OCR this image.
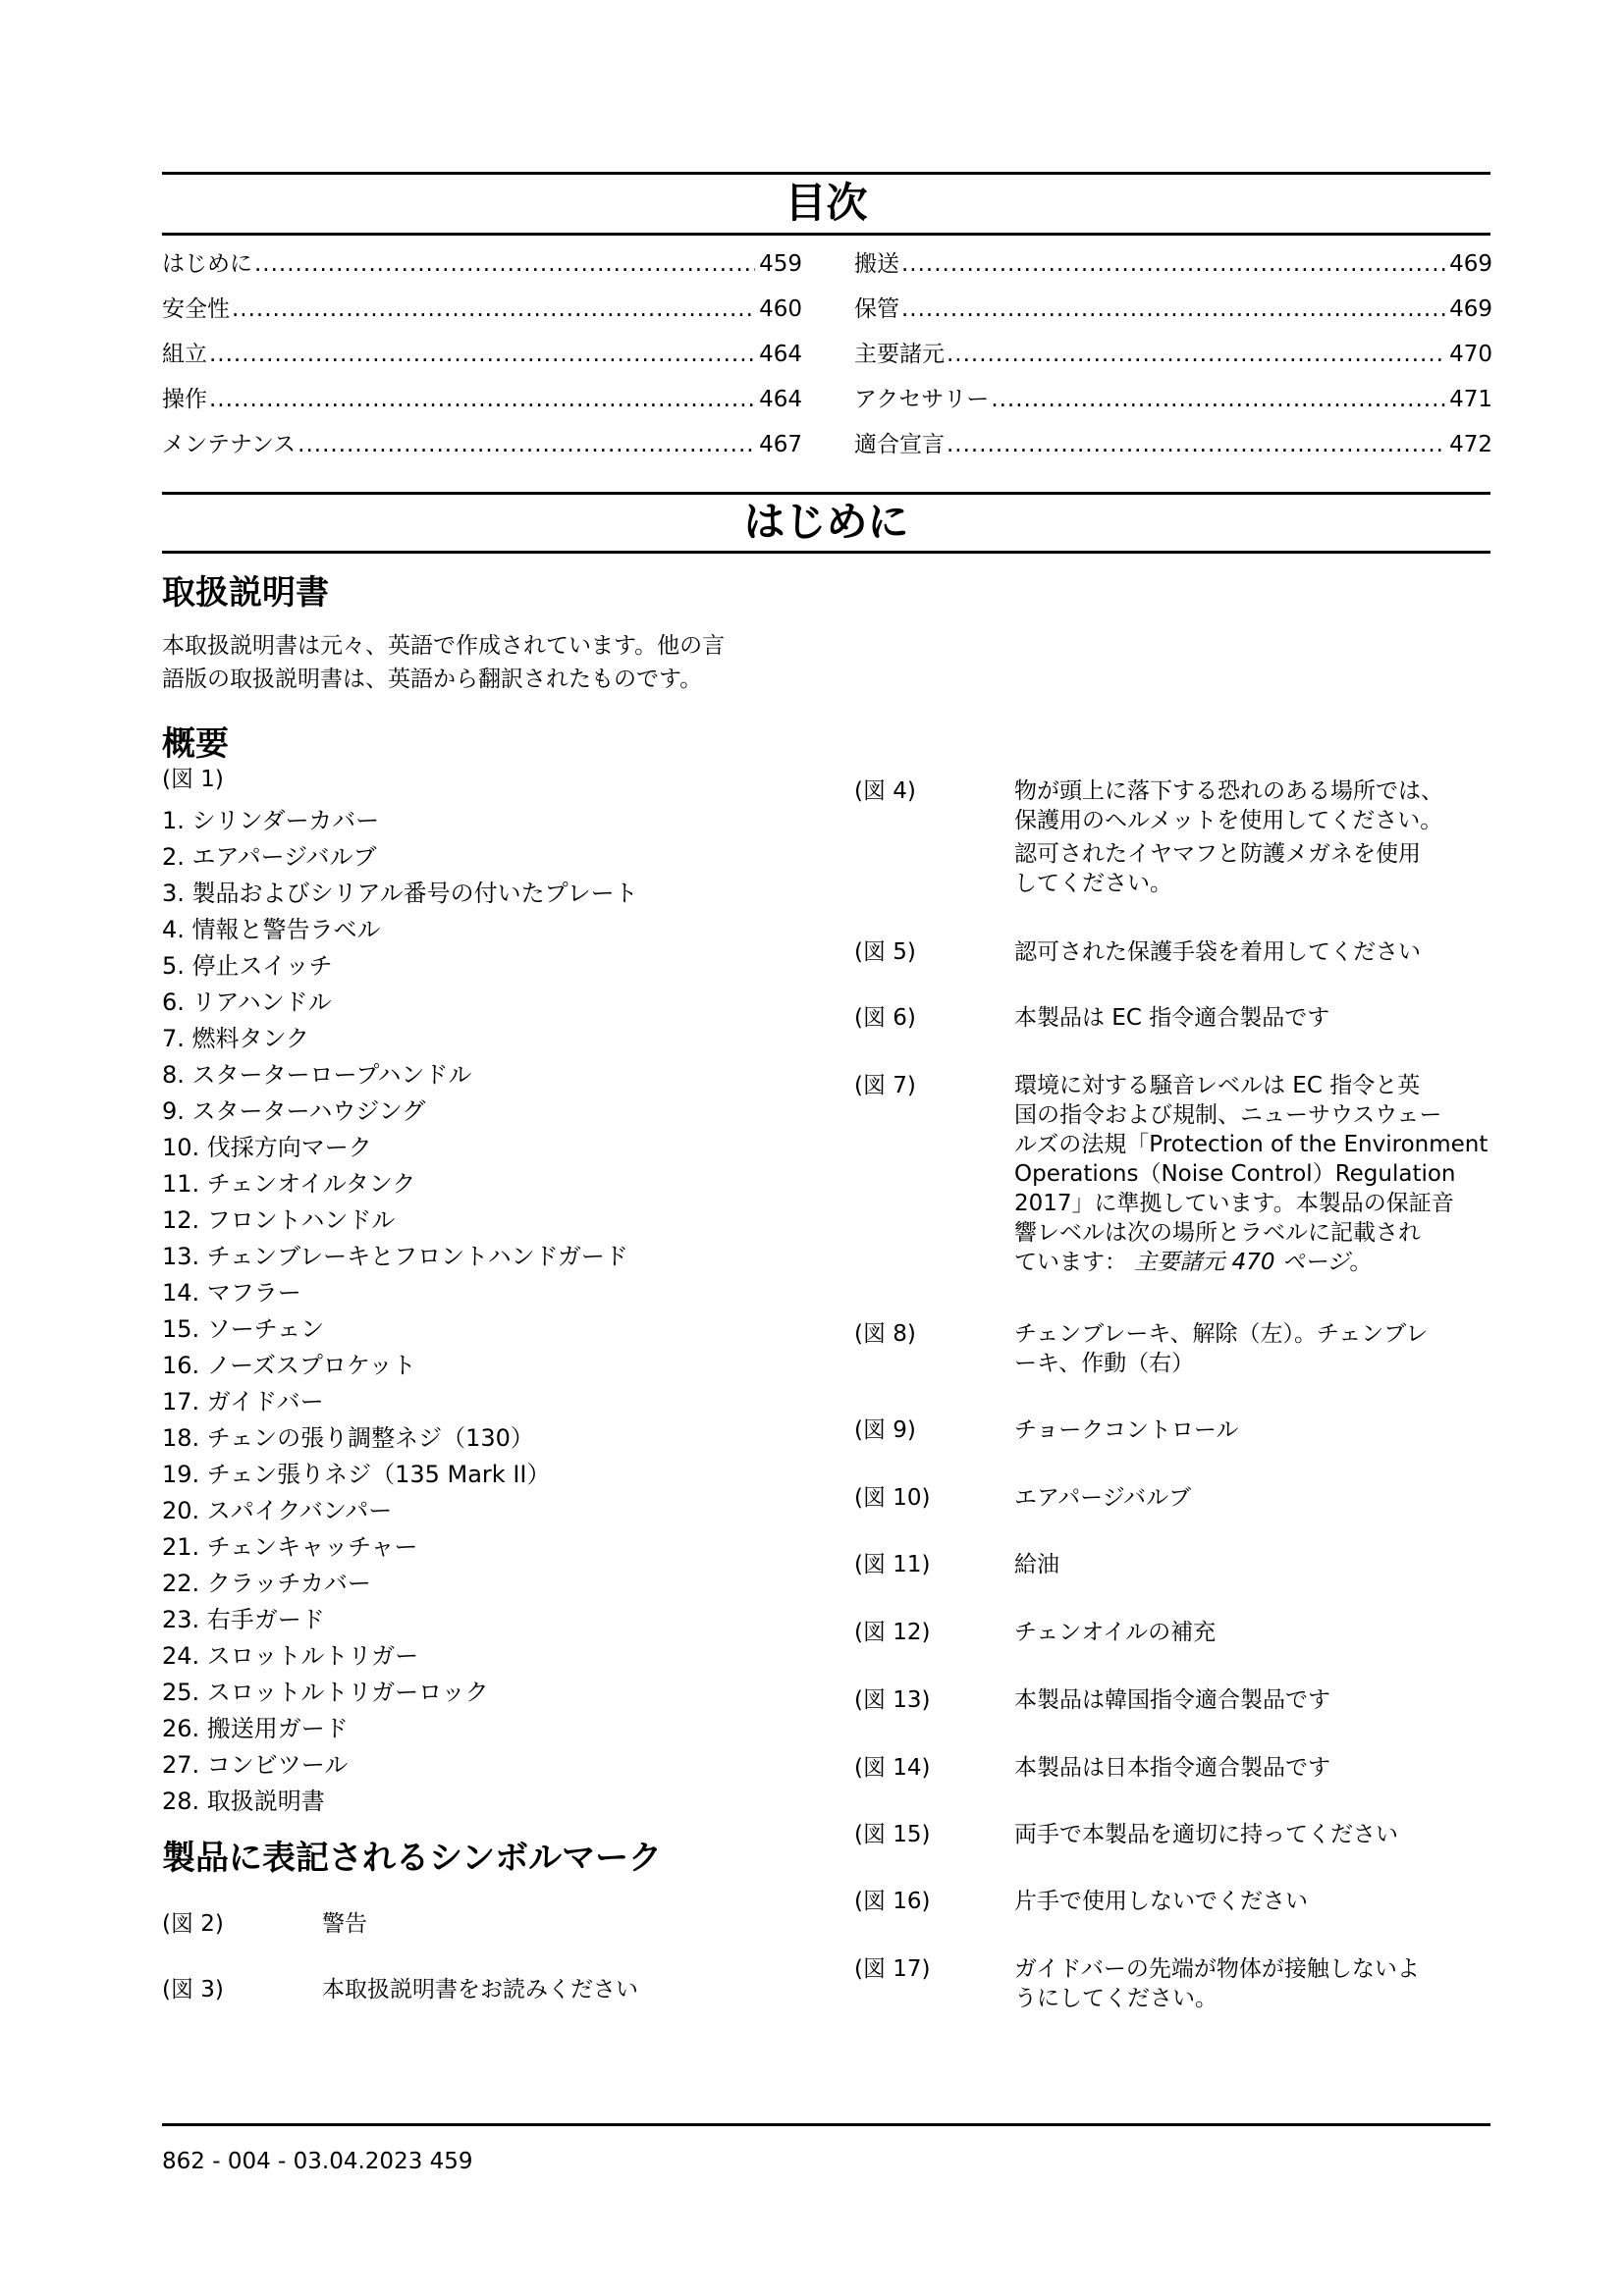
目次
はじめに .....	459
安全性 .....	460
組立 .....	464
操作 .....	464
メンテナンス .....	467
搬送 .....	469
保管 .....	469
主要諸元 .....	470
アクセサリー .....	471
適合宣言 .....	472
はじめに
取扱説明書
本取扱説明書は元々、英語で作成されています。他の言
語版の取扱説明書は、英語から翻訳されたものです。
概要
(図 1)
1. シリンダーカバー
2. エアパージバルブ
3. 製品およびシリアル番号の付いたプレート
4. 情報と警告ラベル
5. 停止スイッチ
6. リアハンドル
7. 燃料タンク
8. スターターロープハンドル
9. スターターハウジング
10. 伐採方向マーク
11. チェンオイルタンク
12. フロントハンドル
13. チェンブレーキとフロントハンドガード
14. マフラー
15. ソーチェン
16. ノーズスプロケット
17. ガイドバー
18. チェンの張り調整ネジ（130）
19. チェン張りネジ（135 Mark II）
20. スパイクバンパー
21. チェンキャッチャー
22. クラッチカバー
23. 右手ガード
24. スロットルトリガー
25. スロットルトリガーロック
26. 搬送用ガード
27. コンビツール
28. 取扱説明書
製品に表記されるシンボルマーク
(図 2)	警告
(図 3)	本取扱説明書をお読みください
(図 4)	物が頭上に落下する恐れのある場所では、
保護用のヘルメットを使用してください。
認可されたイヤマフと防護メガネを使用
してください。
(図 5)	認可された保護手袋を着用してください
(図 6)	本製品は EC 指令適合製品です
(図 7)	環境に対する騒音レベルは EC 指令と英
国の指令および規制、ニューサウスウェー
ルズの法規「Protection of the Environment
Operations（Noise Control）Regulation
2017」に準拠しています。本製品の保証音
響レベルは次の場所とラベルに記載され
ています： 主要諸元 470 ページ。
(図 8)	チェンブレーキ、解除（左）。チェンブレ
ーキ、作動（右）
(図 9)	チョークコントロール
(図 10)	エアパージバルブ
(図 11)	給油
(図 12)	チェンオイルの補充
(図 13)	本製品は韓国指令適合製品です
(図 14)	本製品は日本指令適合製品です
(図 15)	両手で本製品を適切に持ってください
(図 16)	片手で使用しないでください
(図 17)	ガイドバーの先端が物体が接触しないよ
うにしてください。
862 - 004 - 03.04.2023 459
